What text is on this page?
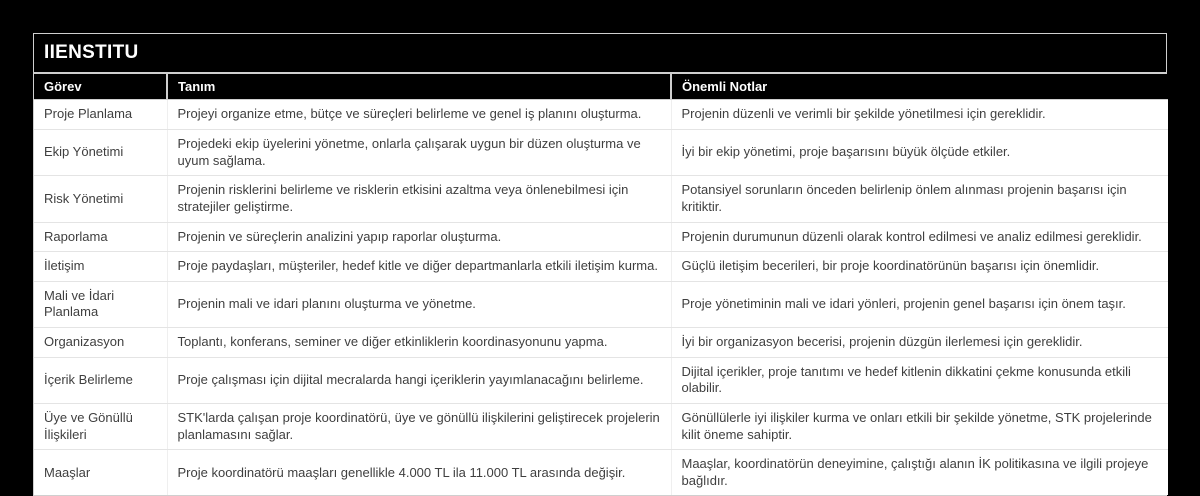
IIENSTITU
Görev	Tanım	Önemli Notlar
Proje Planlama	Projeyi organize etme, bütçe ve süreçleri belirleme ve genel iş planını oluşturma.	Projenin düzenli ve verimli bir şekilde yönetilmesi için gereklidir.
Ekip Yönetimi	Projedeki ekip üyelerini yönetme, onlarla çalışarak uygun bir düzen oluşturma ve uyum sağlama.	İyi bir ekip yönetimi, proje başarısını büyük ölçüde etkiler.
Risk Yönetimi	Projenin risklerini belirleme ve risklerin etkisini azaltma veya önlenebilmesi için stratejiler geliştirme.	Potansiyel sorunların önceden belirlenip önlem alınması projenin başarısı için kritiktir.
Raporlama	Projenin ve süreçlerin analizini yapıp raporlar oluşturma.	Projenin durumunun düzenli olarak kontrol edilmesi ve analiz edilmesi gereklidir.
İletişim	Proje paydaşları, müşteriler, hedef kitle ve diğer departmanlarla etkili iletişim kurma.	Güçlü iletişim becerileri, bir proje koordinatörünün başarısı için önemlidir.
Mali ve İdari Planlama	Projenin mali ve idari planını oluşturma ve yönetme.	Proje yönetiminin mali ve idari yönleri, projenin genel başarısı için önem taşır.
Organizasyon	Toplantı, konferans, seminer ve diğer etkinliklerin koordinasyonunu yapma.	İyi bir organizasyon becerisi, projenin düzgün ilerlemesi için gereklidir.
İçerik Belirleme	Proje çalışması için dijital mecralarda hangi içeriklerin yayımlanacağını belirleme.	Dijital içerikler, proje tanıtımı ve hedef kitlenin dikkatini çekme konusunda etkili olabilir.
Üye ve Gönüllü İlişkileri	STK'larda çalışan proje koordinatörü, üye ve gönüllü ilişkilerini geliştirecek projelerin planlamasını sağlar.	Gönüllülerle iyi ilişkiler kurma ve onları etkili bir şekilde yönetme, STK projelerinde kilit öneme sahiptir.
Maaşlar	Proje koordinatörü maaşları genellikle 4.000 TL ila 11.000 TL arasında değişir.	Maaşlar, koordinatörün deneyimine, çalıştığı alanın İK politikasına ve ilgili projeye bağlıdır.
